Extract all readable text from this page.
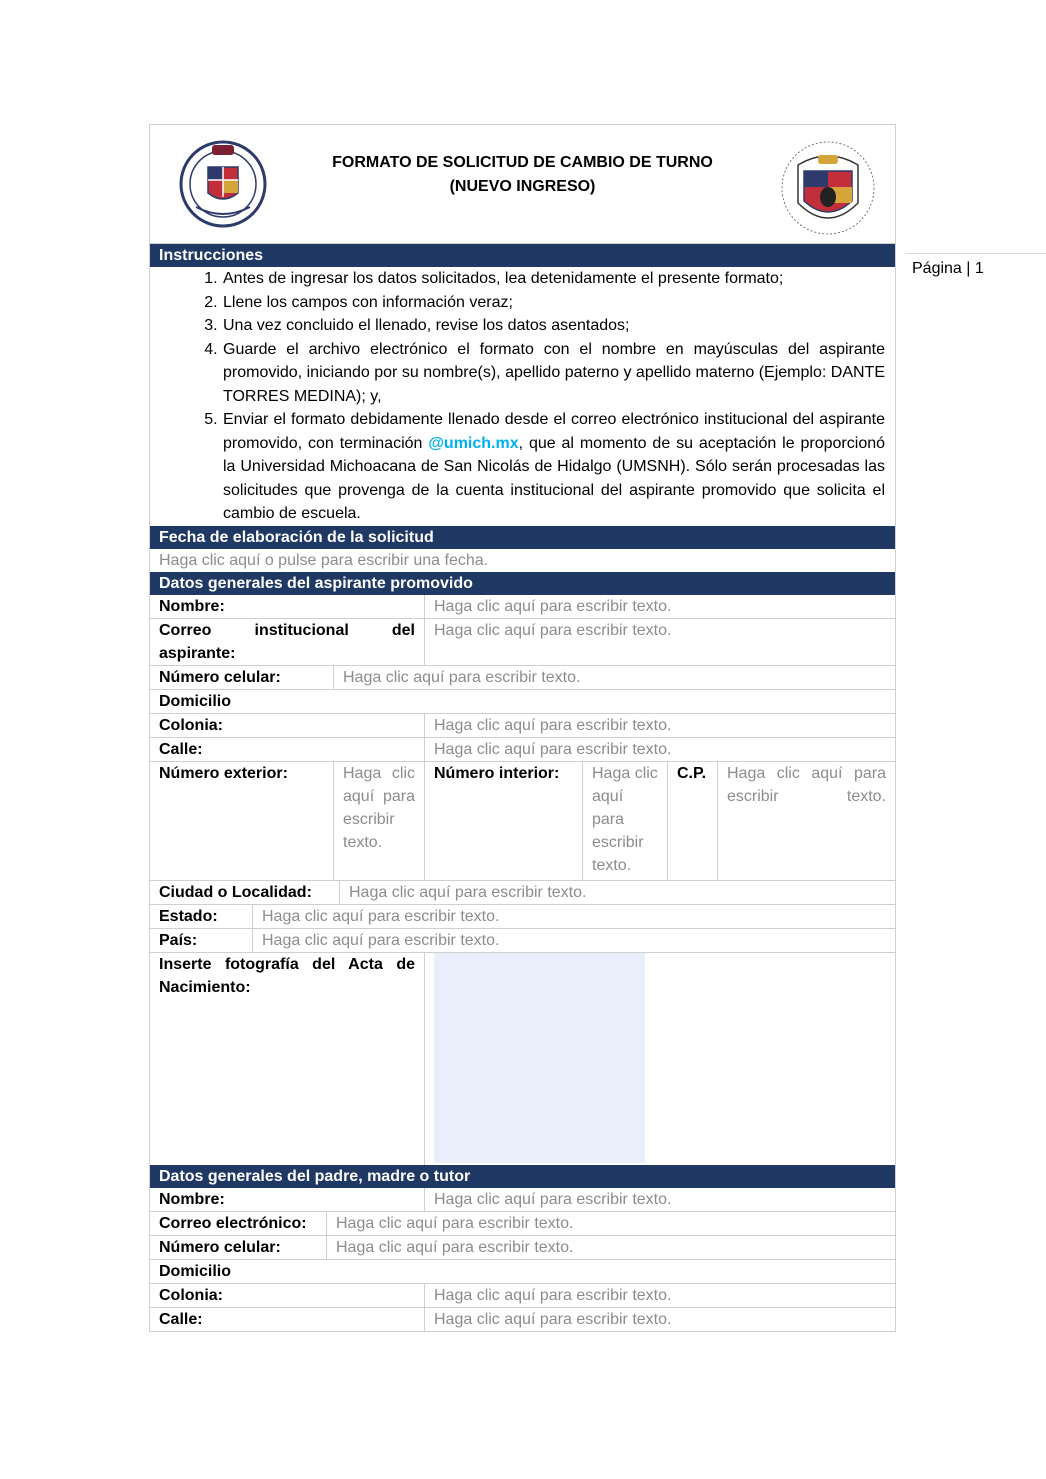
Página | 1
FORMATO DE SOLICITUD DE CAMBIO DE TURNO
(NUEVO INGRESO)
Instrucciones
1. Antes de ingresar los datos solicitados, lea detenidamente el presente formato;
2. Llene los campos con información veraz;
3. Una vez concluido el llenado, revise los datos asentados;
4. Guarde el archivo electrónico el formato con el nombre en mayúsculas del aspirante promovido, iniciando por su nombre(s), apellido paterno y apellido materno (Ejemplo: DANTE TORRES MEDINA); y,
5. Enviar el formato debidamente llenado desde el correo electrónico institucional del aspirante promovido, con terminación @umich.mx, que al momento de su aceptación le proporcionó la Universidad Michoacana de San Nicolás de Hidalgo (UMSNH). Sólo serán procesadas las solicitudes que provenga de la cuenta institucional del aspirante promovido que solicita el cambio de escuela.
Fecha de elaboración de la solicitud
Haga clic aquí o pulse para escribir una fecha.
Datos generales del aspirante promovido
Nombre:	Haga clic aquí para escribir texto.
Correo institucional del aspirante:
Haga clic aquí para escribir texto.
Número celular:	Haga clic aquí para escribir texto.
Domicilio
Colonia:	Haga clic aquí para escribir texto.
Calle:	Haga clic aquí para escribir texto.
Número exterior:	Haga clic aquí para escribir texto.
Número interior:	Haga clic aquí para escribir texto.
C.P.	Haga clic aquí para escribir texto.
Ciudad o Localidad:	Haga clic aquí para escribir texto.
Estado:	Haga clic aquí para escribir texto.
País:	Haga clic aquí para escribir texto.
Inserte fotografía del Acta de Nacimiento:
Datos generales del padre, madre o tutor
Nombre:	Haga clic aquí para escribir texto.
Correo electrónico:	Haga clic aquí para escribir texto.
Número celular:	Haga clic aquí para escribir texto.
Domicilio
Colonia:	Haga clic aquí para escribir texto.
Calle:	Haga clic aquí para escribir texto.
